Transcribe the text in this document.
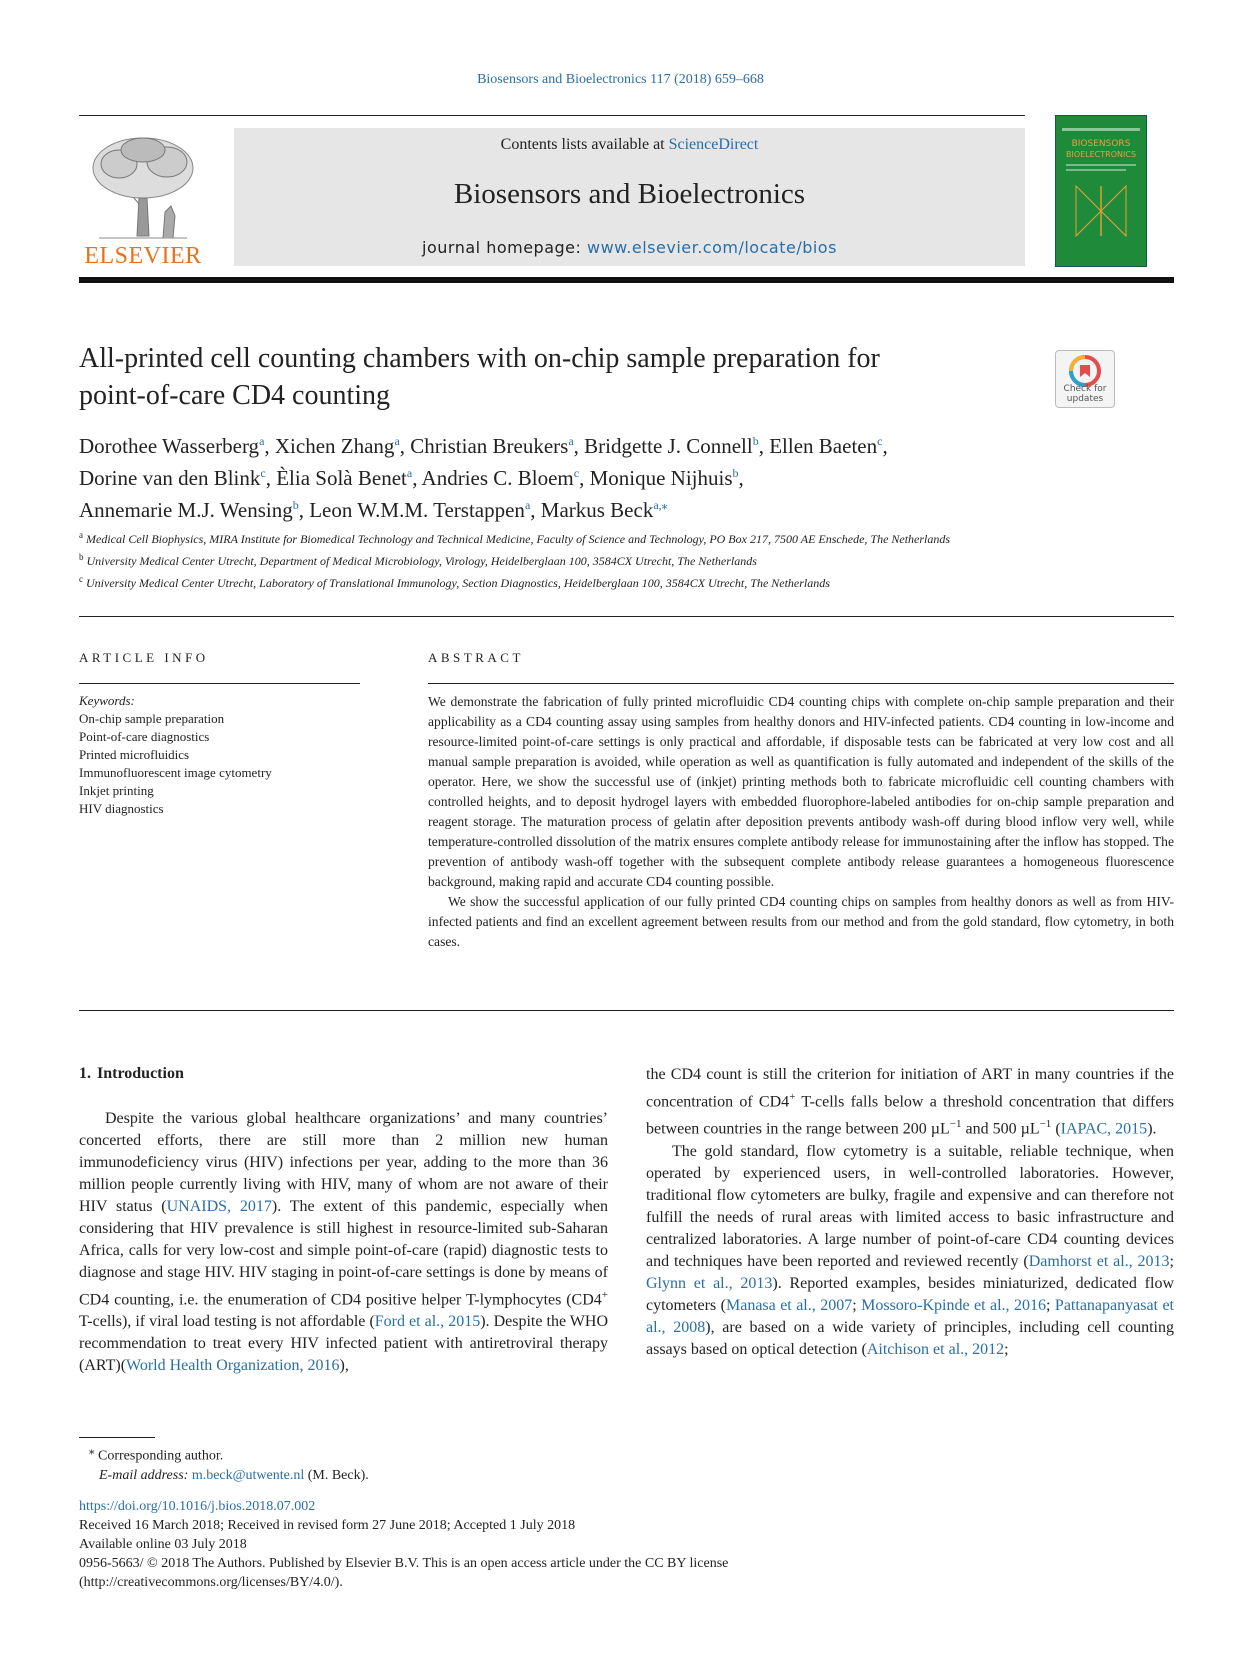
Biosensors and Bioelectronics 117 (2018) 659–668
ELSEVIER
Contents lists available at ScienceDirect
Biosensors and Bioelectronics
journal homepage: www.elsevier.com/locate/bios
BIOSENSORS
BIOELECTRONICS
All-printed cell counting chambers with on-chip sample preparation for
point-of-care CD4 counting	Check for updates
Dorothee Wasserberg$^a$, Xichen Zhang$^a$, Christian Breukers$^a$, Bridgette J. Connell$^b$, Ellen Baeten$^c$,
Dorine van den Blink$^c$, Èlia Solà Benet$^a$, Andries C. Bloem$^c$, Monique Nijhuis$^b$,
Annemarie M.J. Wensing$^b$, Leon W.M.M. Terstappen$^a$, Markus Beck$^{a,⁎}$
$^a$ Medical Cell Biophysics, MIRA Institute for Biomedical Technology and Technical Medicine, Faculty of Science and Technology, PO Box 217, 7500 AE Enschede, The Netherlands
$^b$ University Medical Center Utrecht, Department of Medical Microbiology, Virology, Heidelberglaan 100, 3584CX Utrecht, The Netherlands
$^c$ University Medical Center Utrecht, Laboratory of Translational Immunology, Section Diagnostics, Heidelberglaan 100, 3584CX Utrecht, The Netherlands
ARTICLE INFO	ABSTRACT
Keywords:
On-chip sample preparation
Point-of-care diagnostics
Printed microfluidics
Immunofluorescent image cytometry
Inkjet printing
HIV diagnostics

We demonstrate the fabrication of fully printed microfluidic CD4 counting chips with complete on-chip sample preparation and their applicability as a CD4 counting assay using samples from healthy donors and HIV-infected patients. CD4 counting in low-income and resource-limited point-of-care settings is only practical and affordable, if disposable tests can be fabricated at very low cost and all manual sample preparation is avoided, while operation as well as quantification is fully automated and independent of the skills of the operator. Here, we show the successful use of (inkjet) printing methods both to fabricate microfluidic cell counting chambers with controlled heights, and to deposit hydrogel layers with embedded fluorophore-labeled antibodies for on-chip sample preparation and reagent storage. The maturation process of gelatin after deposition prevents antibody wash-off during blood inflow very well, while temperature-controlled dissolution of the matrix ensures complete antibody release for immunostaining after the inflow has stopped. The prevention of antibody wash-off together with the subsequent complete antibody release guarantees a homogeneous fluorescence background, making rapid and accurate CD4 counting possible.

We show the successful application of our fully printed CD4 counting chips on samples from healthy donors as well as from HIV-infected patients and find an excellent agreement between results from our method and from the gold standard, flow cytometry, in both cases.

1. Introduction

Despite the various global healthcare organizations’ and many countries’ concerted efforts, there are still more than 2 million new human immunodeficiency virus (HIV) infections per year, adding to the more than 36 million people currently living with HIV, many of whom are not aware of their HIV status (UNAIDS, 2017). The extent of this pandemic, especially when considering that HIV prevalence is still highest in resource-limited sub-Saharan Africa, calls for very low-cost and simple point-of-care (rapid) diagnostic tests to diagnose and stage HIV. HIV staging in point-of-care settings is done by means of CD4 counting, i.e. the enumeration of CD4 positive helper T-lymphocytes (CD4+ T-cells), if viral load testing is not affordable (Ford et al., 2015). Despite the WHO recommendation to treat every HIV infected patient with antiretroviral therapy (ART)(World Health Organization, 2016),

the CD4 count is still the criterion for initiation of ART in many countries if the concentration of CD4+ T-cells falls below a threshold concentration that differs between countries in the range between 200 µL$^{-1}$ and 500 µL$^{-1}$ (IAPAC, 2015).

The gold standard, flow cytometry is a suitable, reliable technique, when operated by experienced users, in well-controlled laboratories. However, traditional flow cytometers are bulky, fragile and expensive and can therefore not fulfill the needs of rural areas with limited access to basic infrastructure and centralized laboratories. A large number of point-of-care CD4 counting devices and techniques have been reported and reviewed recently (Damhorst et al., 2013; Glynn et al., 2013). Reported examples, besides miniaturized, dedicated flow cytometers (Manasa et al., 2007; Mossoro-Kpinde et al., 2016; Pattanapanyasat et al., 2008), are based on a wide variety of principles, including cell counting assays based on optical detection (Aitchison et al., 2012;

⁎ Corresponding author.
E-mail address: m.beck@utwente.nl (M. Beck).
https://doi.org/10.1016/j.bios.2018.07.002
Received 16 March 2018; Received in revised form 27 June 2018; Accepted 1 July 2018
Available online 03 July 2018
0956-5663/ © 2018 The Authors. Published by Elsevier B.V. This is an open access article under the CC BY license
(http://creativecommons.org/licenses/BY/4.0/).
